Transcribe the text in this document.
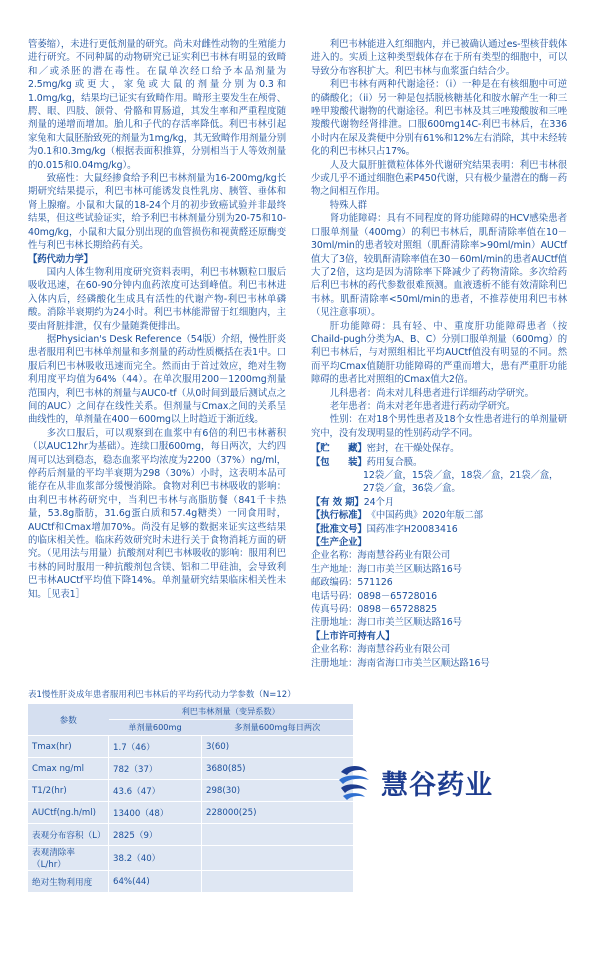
管萎缩），未进行更低剂量的研究。尚未对雌性动物的生殖能力进行研究。不同种属的动物研究已证实利巴韦林有明显的致畸和／或杀胚的潜在毒性。在鼠单次经口给予本品剂量为2.5mg/kg或更大，家兔或大鼠的剂量分别为0.3和1.0mg/kg，结果均已证实有致畸作用。畸形主要发生在颅骨、腭、眼、四肢、颌骨、骨骼和胃肠道，其发生率和严重程度随剂量的递增而增加。胎儿和子代的存活率降低。利巴韦林引起家兔和大鼠胚胎致死的剂量为1mg/kg，其无致畸作用剂量分别为0.1和0.3mg/kg（根据表面积推算，分别相当于人等效剂量的0.015和0.04mg/kg）。

致癌性：大鼠经掺食给予利巴韦林剂量为16-200mg/kg长期研究结果提示，利巴韦林可能诱发良性乳房、胰管、垂体和肾上腺瘤。小鼠和大鼠的18-24个月的初步致癌试验并非最终结果，但这些试验证实，给予利巴韦林剂量分别为20-75和10-40mg/kg，小鼠和大鼠分别出现的血管损伤和视黄醛还原酶变性与利巴韦林长期给药有关。

【药代动力学】

国内人体生物利用度研究资料表明，利巴韦林颗粒口服后吸收迅速，在60-90分钟内血药浓度可达到峰值。利巴韦林进入体内后，经磷酸化生成具有活性的代谢产物-利巴韦林单磷酸。消除半衰期约为24小时。利巴韦林能滞留于红细胞内，主要由肾脏排泄，仅有少量随粪便排出。

据Physician's Desk Reference（54版）介绍，慢性肝炎患者服用利巴韦林单剂量和多剂量的药动性质概括在表1中。口服后利巴韦林吸收迅速而完全。然而由于首过效应，绝对生物利用度平均值为64%（44）。在单次服用200－1200mg剂量范围内，利巴韦林的剂量与AUC0-tf（从0时间到最后测试点之间的AUC）之间存在线性关系。但剂量与Cmax之间的关系呈曲线性的，单剂量在400－600mg以上时趋近于渐近线。

多次口服后，可以观察到在血浆中有6倍的利巴韦林蓄积（以AUC12hr为基础）。连续口服600mg，每日两次，大约四周可以达到稳态，稳态血浆平均浓度为2200（37%）ng/ml，停药后剂量的平均半衰期为298（30%）小时，这表明本品可能存在从非血浆部分缓慢消除。食物对利巴韦林吸收的影响：由利巴韦林药研究中，当利巴韦林与高脂肪餐（841千卡热量，53.8g脂肪，31.6g蛋白质和57.4g糖类）一同食用时，AUCtf和Cmax增加70%。尚没有足够的数据来证实这些结果的临床相关性。临床药效研究时未进行关于食物消耗方面的研究。（见用法与用量）抗酸剂对利巴韦林吸收的影响：服用利巴韦林的同时服用一种抗酸剂包含镁、铝和二甲硅油，会导致利巴韦林AUCtf平均值下降14%。单剂量研究结果临床相关性未知。［见表1］

利巴韦林能进入红细胞内，并已被确认通过es-型核苷载体进入的。实质上这种类型载体存在于所有类型的细胞中，可以导致分布容积扩大。利巴韦林与血浆蛋白结合少。

利巴韦林有两种代谢途径：（i）一种是在有核细胞中可逆的磷酸化；（ii）另一种是包括脱核糖基化和胺水解产生一种三唑甲羧酸代谢物的代谢途径。利巴韦林及其三唑羧酸胺和三唑羧酸代谢物经肾排泄。口服600mg14C-利巴韦林后，在336小时内在尿及粪便中分别有61%和12%左右消除，其中未经转化的利巴韦林只占17%。

人及大鼠肝脏微粒体体外代谢研究结果表明：利巴韦林很少或几乎不通过细胞色素P450代谢，只有极少量潜在的酶－药物之间相互作用。

特殊人群

肾功能障碍：具有不同程度的肾功能障碍的HCV感染患者口服单剂量（400mg）的利巴韦林后，肌酐清除率值在10－30ml/min的患者较对照组（肌酐清除率>90ml/min）AUCtf值大了3倍，较肌酐清除率值在30－60ml/min的患者AUCtf值大了2倍，这均是因为清除率下降减少了药物清除。多次给药后利巴韦林的药代参数很难预测。血液透析不能有效清除利巴韦林。肌酐清除率<50ml/min的患者，不推荐使用利巴韦林（见注意事项）。

肝功能障碍：具有轻、中、重度肝功能障碍患者（按Chaild-pugh分类为A、B、C）分别口服单剂量（600mg）的利巴韦林后，与对照组相比平均AUCtf值没有明显的不同。然而平均Cmax值随肝功能障碍的严重而增大，患有严重肝功能障碍的患者比对照组的Cmax值大2倍。

儿科患者：尚未对儿科患者进行详细药动学研究。

老年患者：尚未对老年患者进行药动学研究。

性别：在对18个男性患者及18个女性患者进行的单剂量研究中，没有发现明显的性别药动学不同。

【贮　　藏】 密封，在干燥处保存。
【包　　装】 药用复合膜。
12袋／盒，15袋／盒，18袋／盒，21袋／盒，
27袋／盒，36袋／盒。
【有 效 期】 24个月
【执行标准】 《中国药典》2020年版二部
【批准文号】 国药准字H20083416
【生产企业】
企业名称：海南慧谷药业有限公司
生产地址：海口市美兰区顺达路16号
邮政编码：571126
电话号码：0898－65728016
传真号码：0898－65728825
注册地址：海口市美兰区顺达路16号
【上市许可持有人】
企业名称：海南慧谷药业有限公司
注册地址：海南省海口市美兰区顺达路16号
表1慢性肝炎成年患者服用利巴韦林后的平均药代动力学参数（N=12）
参数	利巴韦林剂量（变异系数）	
	单剂量600mg	多剂量600mg每日两次
Tmax(hr)	1.7（46）	3(60)
Cmax ng/ml	782（37）	3680(85)
T1/2(hr)	43.6（47）	298(30)
AUCtf(ng.h/ml)	13400（48）	228000(25)
表观分布容积（L）	2825（9）	
表观清除率（L/hr）	38.2（40）	
绝对生物利用度	64%(44)	
慧谷药业
